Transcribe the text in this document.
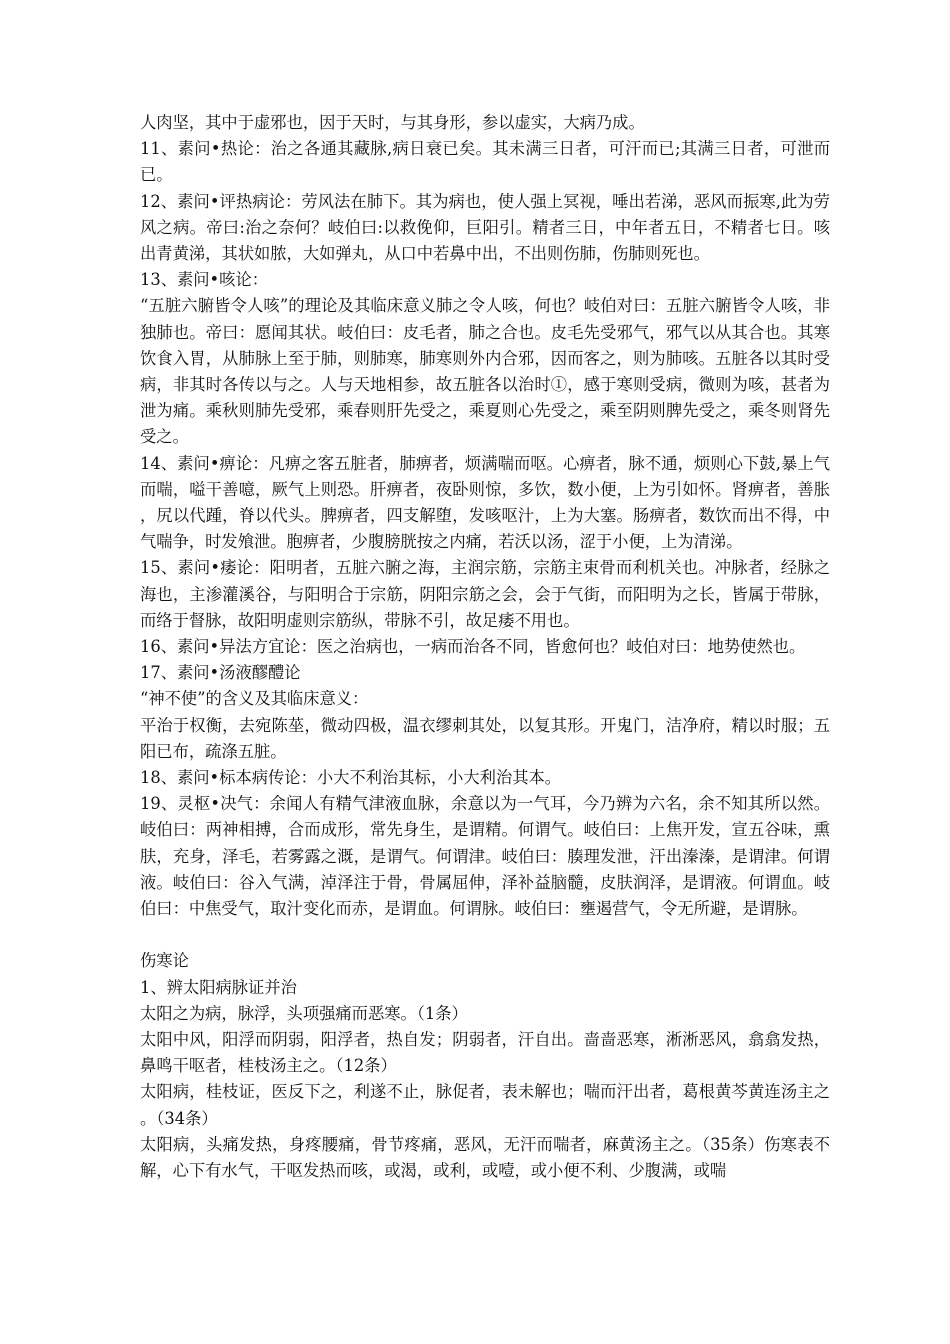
人肉坚，其中于虚邪也，因于天时，与其身形，参以虚实，大病乃成。

11、素问•热论：治之各通其藏脉,病日衰已矣。其未满三日者，可汗而已;其满三日者，可泄而已。

12、素问•评热病论：劳风法在肺下。其为病也，使人强上冥视，唾出若涕，恶风而振寒,此为劳风之病。帝曰:治之奈何？岐伯曰:以救俛仰，巨阳引。精者三日，中年者五日，不精者七日。咳出青黄涕，其状如脓，大如弹丸，从口中若鼻中出，不出则伤肺，伤肺则死也。

13、素问•咳论：

“五脏六腑皆令人咳”的理论及其临床意义肺之令人咳，何也？岐伯对曰：五脏六腑皆令人咳，非独肺也。帝曰：愿闻其状。岐伯曰：皮毛者，肺之合也。皮毛先受邪气，邪气以从其合也。其寒饮食入胃，从肺脉上至于肺，则肺寒，肺寒则外内合邪，因而客之，则为肺咳。五脏各以其时受病，非其时各传以与之。人与天地相参，故五脏各以治时①，感于寒则受病，微则为咳，甚者为泄为痛。乘秋则肺先受邪，乘春则肝先受之，乘夏则心先受之，乘至阴则脾先受之，乘冬则肾先受之。

14、素问•痹论：凡痹之客五脏者，肺痹者，烦满喘而呕。心痹者，脉不通，烦则心下鼓,暴上气而喘，嗌干善噫，厥气上则恐。肝痹者，夜卧则惊，多饮，数小便，上为引如怀。肾痹者，善胀，尻以代踵，脊以代头。脾痹者，四支解堕，发咳呕汁，上为大塞。肠痹者，数饮而出不得，中气喘争，时发飧泄。胞痹者，少腹膀胱按之内痛，若沃以汤，涩于小便，上为清涕。

15、素问•痿论：阳明者，五脏六腑之海，主润宗筋，宗筋主束骨而利机关也。冲脉者，经脉之海也，主渗灌溪谷，与阳明合于宗筋，阴阳宗筋之会，会于气街，而阳明为之长，皆属于带脉，而络于督脉，故阳明虚则宗筋纵，带脉不引，故足痿不用也。

16、素问•异法方宜论：医之治病也，一病而治各不同，皆愈何也？岐伯对曰：地势使然也。

17、素问•汤液醪醴论

“神不使”的含义及其临床意义：

平治于权衡，去宛陈莝，微动四极，温衣缪刺其处，以复其形。开鬼门，洁净府，精以时服；五阳已布，疏涤五脏。

18、素问•标本病传论：小大不利治其标，小大利治其本。

19、灵枢•决气：余闻人有精气津液血脉，余意以为一气耳，今乃辨为六名，余不知其所以然。岐伯曰：两神相搏，合而成形，常先身生，是谓精。何谓气。岐伯曰：上焦开发，宣五谷味，熏肤，充身，泽毛，若雾露之溉，是谓气。何谓津。岐伯曰：腠理发泄，汗出溱溱，是谓津。何谓液。岐伯曰：谷入气满，淖泽注于骨，骨属屈伸，泽补益脑髓，皮肤润泽，是谓液。何谓血。岐伯曰：中焦受气，取汁变化而赤，是谓血。何谓脉。岐伯曰：壅遏营气，令无所避，是谓脉。

伤寒论

1、辨太阳病脉证并治

太阳之为病，脉浮，头项强痛而恶寒。（1条）

太阳中风，阳浮而阴弱，阳浮者，热自发；阴弱者，汗自出。啬啬恶寒，淅淅恶风，翕翕发热，鼻鸣干呕者，桂枝汤主之。（12条）

太阳病，桂枝证，医反下之，利遂不止，脉促者，表未解也；喘而汗出者，葛根黄芩黄连汤主之。（34条）

太阳病，头痛发热，身疼腰痛，骨节疼痛，恶风，无汗而喘者，麻黄汤主之。（35条）伤寒表不解，心下有水气，干呕发热而咳，或渴，或利，或噎，或小便不利、少腹满，或喘
